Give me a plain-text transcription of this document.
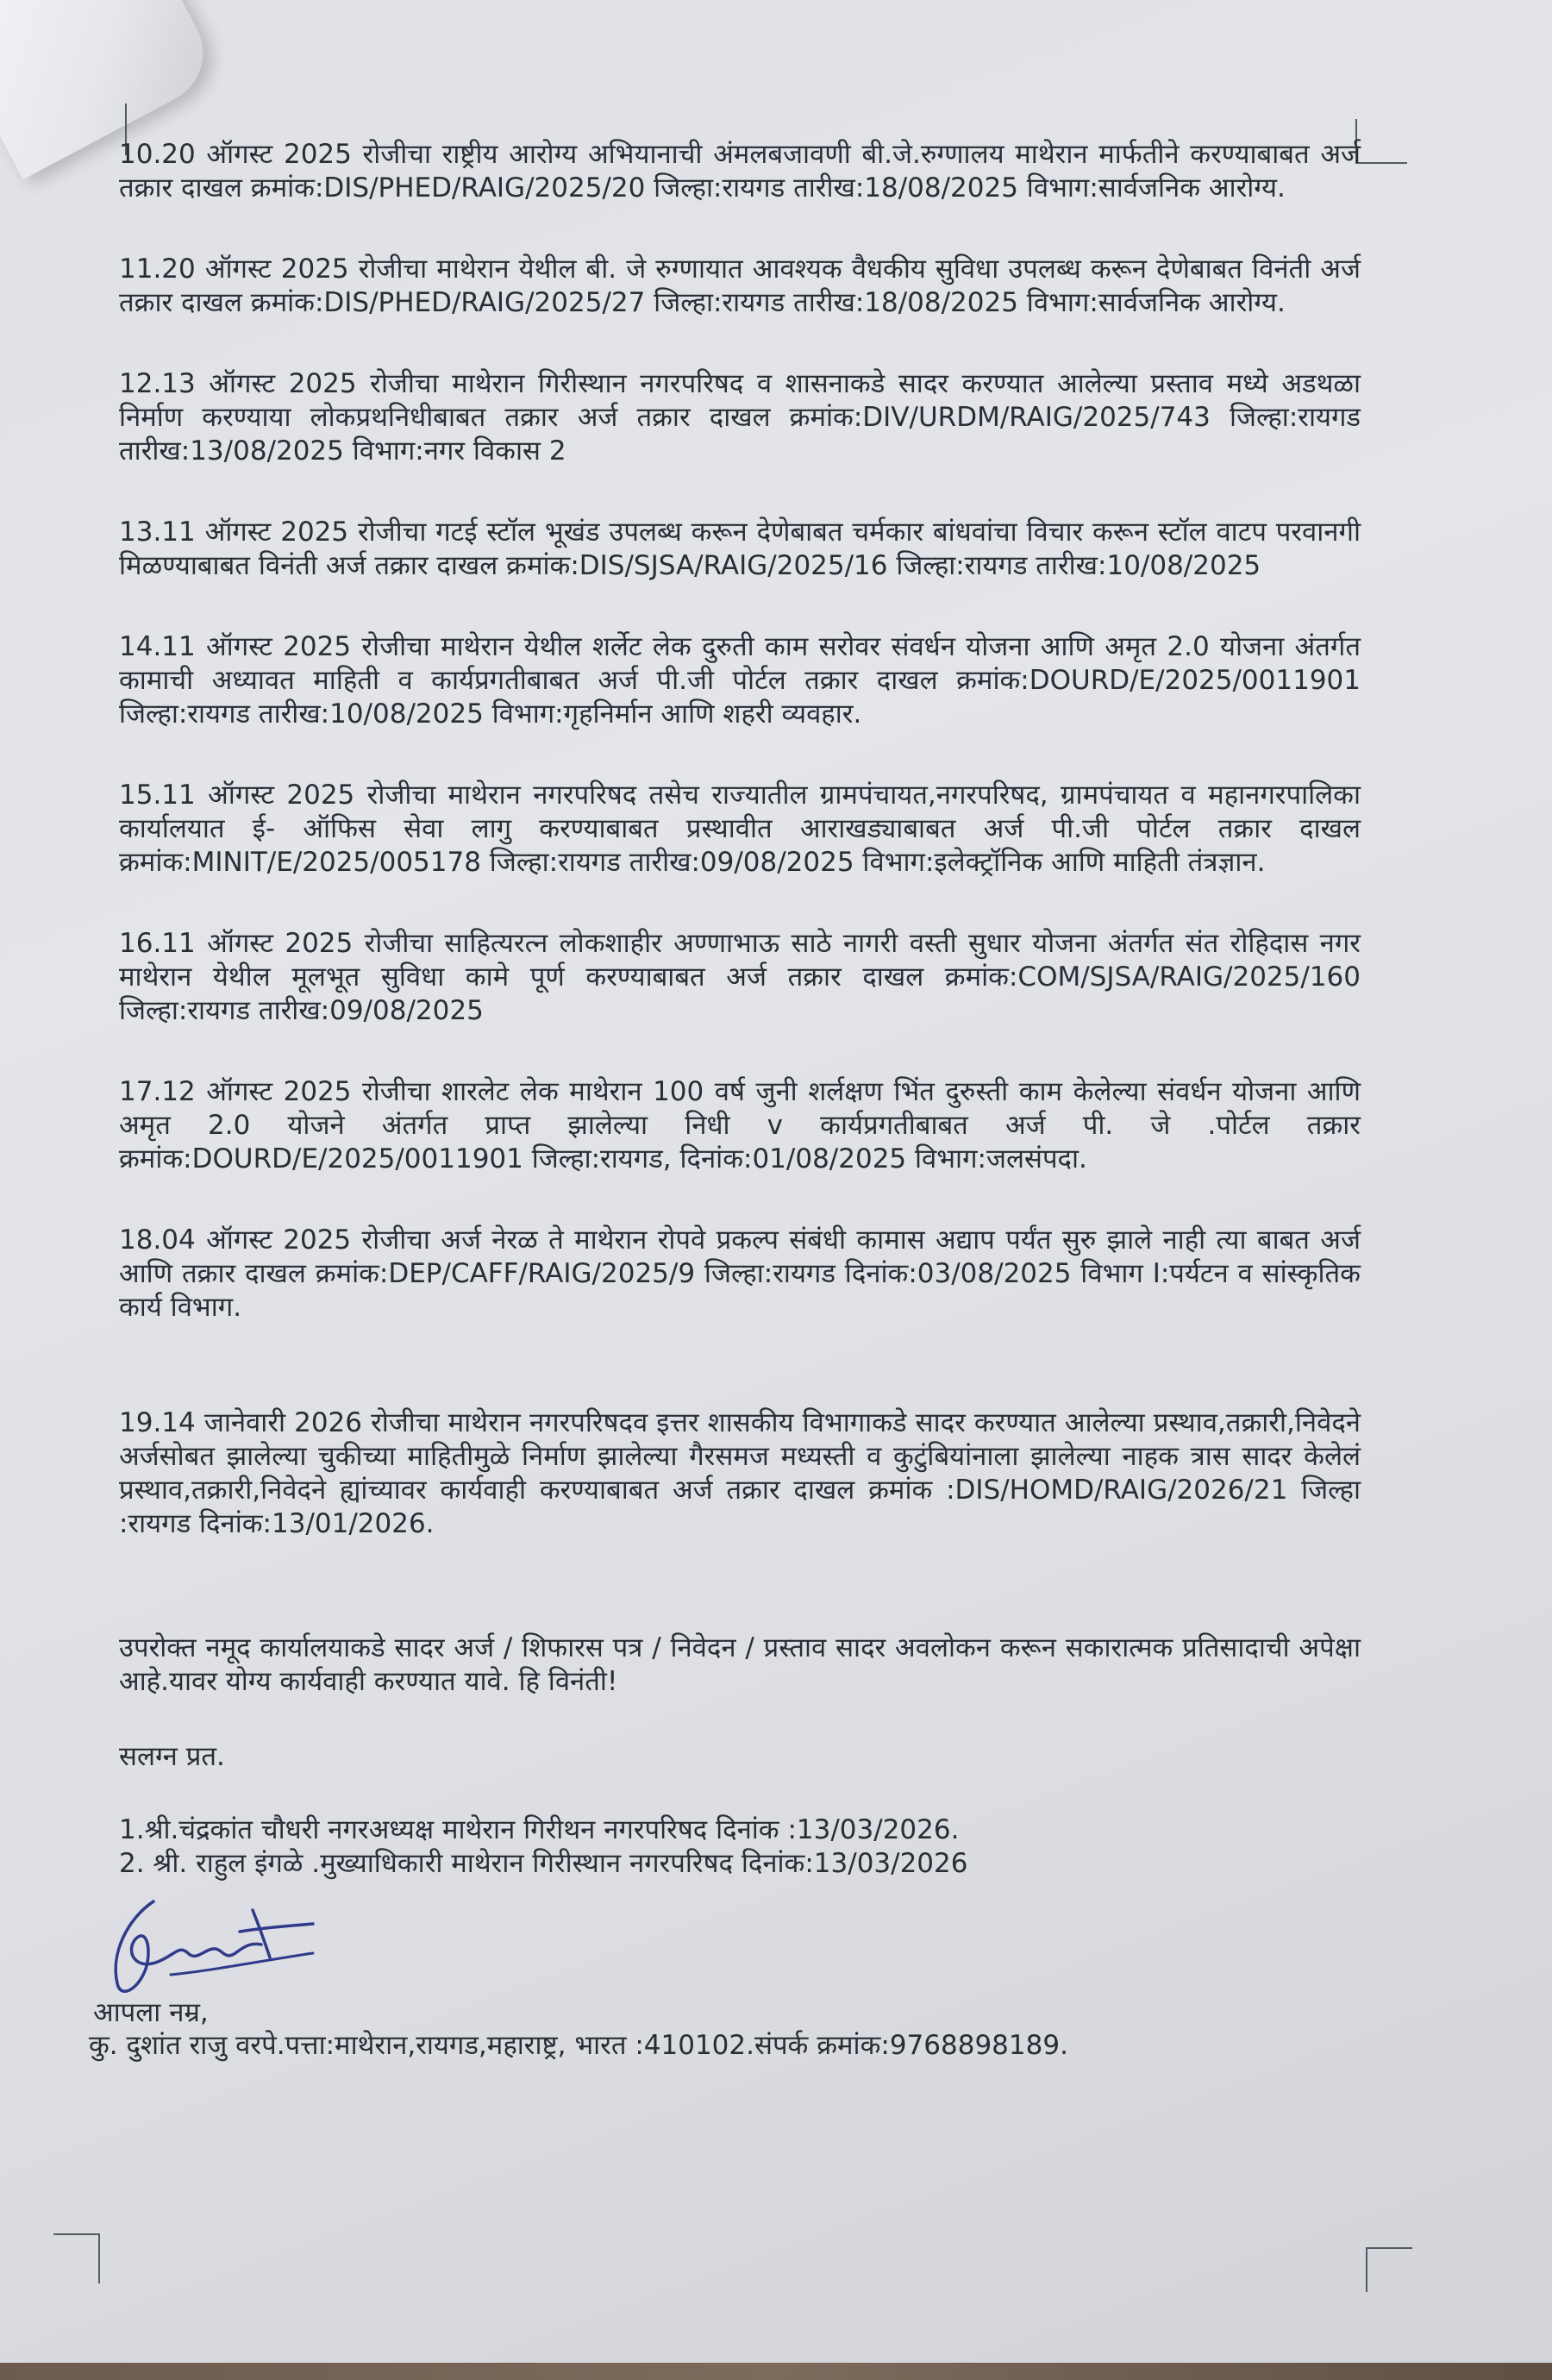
10.20 ऑगस्ट 2025 रोजीचा राष्ट्रीय आरोग्य अभियानाची अंमलबजावणी बी.जे.रुग्णालय माथेरान मार्फतीने करण्याबाबत अर्ज तक्रार दाखल क्रमांक:DIS/PHED/RAIG/2025/20 जिल्हा:रायगड तारीख:18/08/2025 विभाग:सार्वजनिक आरोग्य.

11.20 ऑगस्ट 2025 रोजीचा माथेरान येथील बी. जे रुग्णायात आवश्यक वैधकीय सुविधा उपलब्ध करून देणेबाबत विनंती अर्ज तक्रार दाखल क्रमांक:DIS/PHED/RAIG/2025/27 जिल्हा:रायगड तारीख:18/08/2025 विभाग:सार्वजनिक आरोग्य.

12.13 ऑगस्ट 2025 रोजीचा माथेरान गिरीस्थान नगरपरिषद व शासनाकडे सादर करण्यात आलेल्या प्रस्ताव मध्ये अडथळा निर्माण करण्याया लोकप्रथनिधीबाबत तक्रार अर्ज तक्रार दाखल क्रमांक:DIV/URDM/RAIG/2025/743 जिल्हा:रायगड तारीख:13/08/2025 विभाग:नगर विकास 2

13.11 ऑगस्ट 2025 रोजीचा गटई स्टॉल भूखंड उपलब्ध करून देणेबाबत चर्मकार बांधवांचा विचार करून स्टॉल वाटप परवानगी मिळण्याबाबत विनंती अर्ज तक्रार दाखल क्रमांक:DIS/SJSA/RAIG/2025/16 जिल्हा:रायगड तारीख:10/08/2025

14.11 ऑगस्ट 2025 रोजीचा माथेरान येथील शर्लेट लेक दुरुती काम सरोवर संवर्धन योजना आणि अमृत 2.0 योजना अंतर्गत कामाची अध्यावत माहिती व कार्यप्रगतीबाबत अर्ज पी.जी पोर्टल तक्रार दाखल क्रमांक:DOURD/E/2025/0011901 जिल्हा:रायगड तारीख:10/08/2025 विभाग:गृहनिर्मान आणि शहरी व्यवहार.

15.11 ऑगस्ट 2025 रोजीचा माथेरान नगरपरिषद तसेच राज्यातील ग्रामपंचायत,नगरपरिषद, ग्रामपंचायत व महानगरपालिका कार्यालयात ई- ऑफिस सेवा लागु करण्याबाबत प्रस्थावीत आराखड्याबाबत अर्ज पी.जी पोर्टल तक्रार दाखल क्रमांक:MINIT/E/2025/005178 जिल्हा:रायगड तारीख:09/08/2025 विभाग:इलेक्ट्रॉनिक आणि माहिती तंत्रज्ञान.

16.11 ऑगस्ट 2025 रोजीचा साहित्यरत्न लोकशाहीर अण्णाभाऊ साठे नागरी वस्ती सुधार योजना अंतर्गत संत रोहिदास नगर माथेरान येथील मूलभूत सुविधा कामे पूर्ण करण्याबाबत अर्ज तक्रार दाखल क्रमांक:COM/SJSA/RAIG/2025/160 जिल्हा:रायगड तारीख:09/08/2025

17.12 ऑगस्ट 2025 रोजीचा शारलेट लेक माथेरान 100 वर्ष जुनी शर्लक्षण भिंत दुरुस्ती काम केलेल्या संवर्धन योजना आणि अमृत 2.0 योजने अंतर्गत प्राप्त झालेल्या निधी v कार्यप्रगतीबाबत अर्ज पी. जे .पोर्टल तक्रार क्रमांक:DOURD/E/2025/0011901 जिल्हा:रायगड, दिनांक:01/08/2025 विभाग:जलसंपदा.

18.04 ऑगस्ट 2025 रोजीचा अर्ज नेरळ ते माथेरान रोपवे प्रकल्प संबंधी कामास अद्याप पर्यंत सुरु झाले नाही त्या बाबत अर्ज आणि तक्रार दाखल क्रमांक:DEP/CAFF/RAIG/2025/9 जिल्हा:रायगड दिनांक:03/08/2025 विभाग I:पर्यटन व सांस्कृतिक कार्य विभाग.

19.14 जानेवारी 2026 रोजीचा माथेरान नगरपरिषदव इत्तर शासकीय विभागाकडे सादर करण्यात आलेल्या प्रस्थाव,तक्रारी,निवेदने अर्जसोबत झालेल्या चुकीच्या माहितीमुळे निर्माण झालेल्या गैरसमज मध्यस्ती व कुटुंबियांनाला झालेल्या नाहक त्रास सादर केलेलं प्रस्थाव,तक्रारी,निवेदने ह्यांच्यावर कार्यवाही करण्याबाबत अर्ज तक्रार दाखल क्रमांक :DIS/HOMD/RAIG/2026/21 जिल्हा :रायगड दिनांक:13/01/2026.

उपरोक्त नमूद कार्यालयाकडे सादर अर्ज / शिफारस पत्र / निवेदन / प्रस्ताव सादर अवलोकन करून सकारात्मक प्रतिसादाची अपेक्षा आहे.यावर योग्य कार्यवाही करण्यात यावे. हि विनंती!

सलग्न प्रत.

1.श्री.चंद्रकांत चौधरी नगरअध्यक्ष माथेरान गिरीथन नगरपरिषद दिनांक :13/03/2026.
2. श्री. राहुल इंगळे .मुख्याधिकारी माथेरान गिरीस्थान नगरपरिषद दिनांक:13/03/2026
आपला नम्र,
कु. दुशांत राजु वरपे.पत्ता:माथेरान,रायगड,महाराष्ट्र, भारत :410102.संपर्क क्रमांक:9768898189.
